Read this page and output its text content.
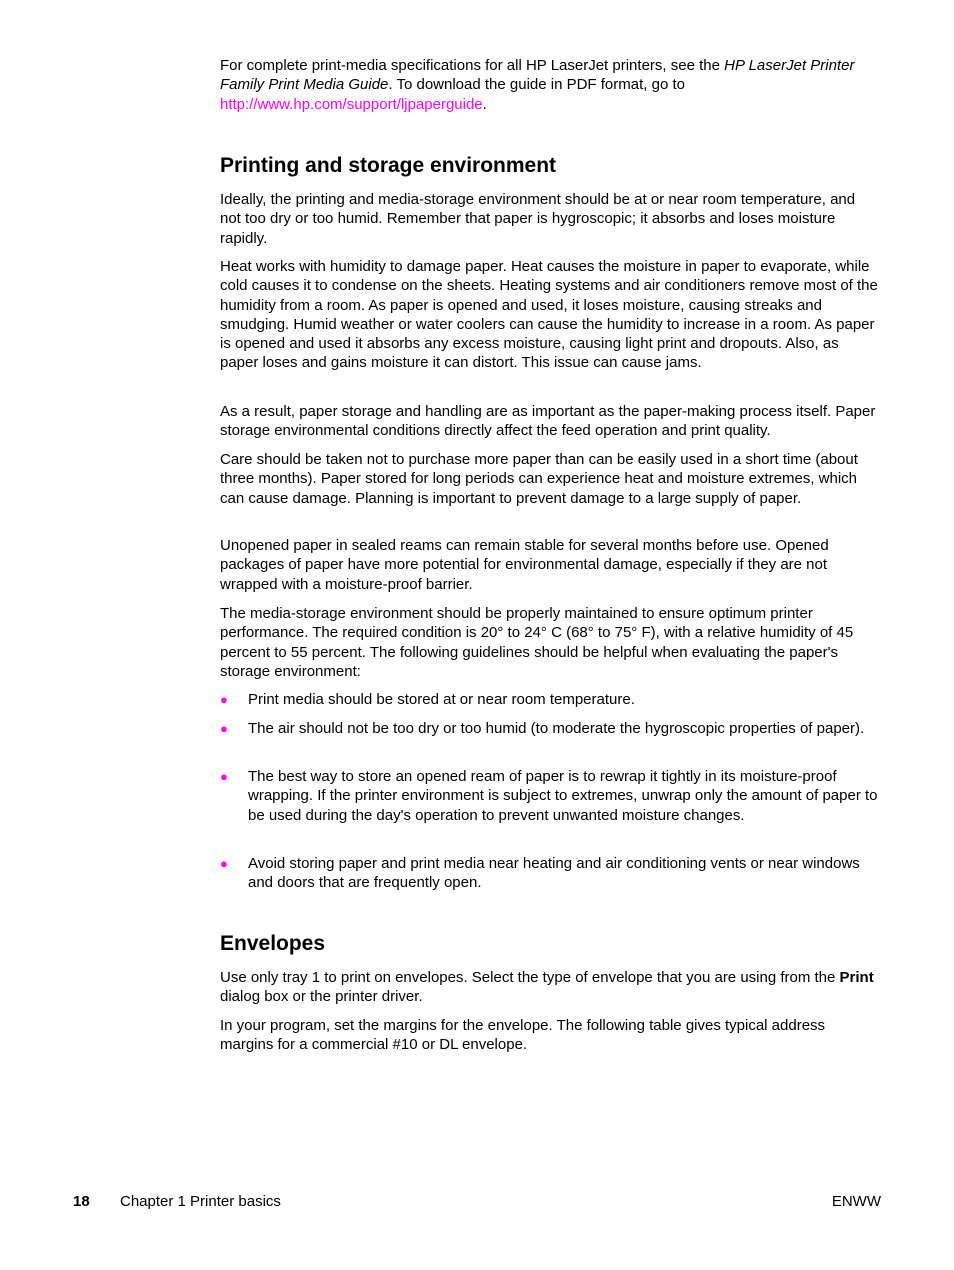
For complete print-media specifications for all HP LaserJet printers, see the HP LaserJet Printer Family Print Media Guide. To download the guide in PDF format, go to
http://www.hp.com/support/ljpaperguide.

Printing and storage environment

Ideally, the printing and media-storage environment should be at or near room temperature, and not too dry or too humid. Remember that paper is hygroscopic; it absorbs and loses moisture rapidly.

Heat works with humidity to damage paper. Heat causes the moisture in paper to evaporate, while cold causes it to condense on the sheets. Heating systems and air conditioners remove most of the humidity from a room. As paper is opened and used, it loses moisture, causing streaks and smudging. Humid weather or water coolers can cause the humidity to increase in a room. As paper is opened and used it absorbs any excess moisture, causing light print and dropouts. Also, as paper loses and gains moisture it can distort. This issue can cause jams.

As a result, paper storage and handling are as important as the paper-making process itself. Paper storage environmental conditions directly affect the feed operation and print quality.

Care should be taken not to purchase more paper than can be easily used in a short time (about three months). Paper stored for long periods can experience heat and moisture extremes, which can cause damage. Planning is important to prevent damage to a large supply of paper.

Unopened paper in sealed reams can remain stable for several months before use. Opened packages of paper have more potential for environmental damage, especially if they are not wrapped with a moisture-proof barrier.

The media-storage environment should be properly maintained to ensure optimum printer performance. The required condition is 20° to 24° C (68° to 75° F), with a relative humidity of 45 percent to 55 percent. The following guidelines should be helpful when evaluating the paper's storage environment:

● Print media should be stored at or near room temperature.
● The air should not be too dry or too humid (to moderate the hygroscopic properties of paper).
● The best way to store an opened ream of paper is to rewrap it tightly in its moisture-proof wrapping. If the printer environment is subject to extremes, unwrap only the amount of paper to be used during the day's operation to prevent unwanted moisture changes.
● Avoid storing paper and print media near heating and air conditioning vents or near windows and doors that are frequently open.
Envelopes

Use only tray 1 to print on envelopes. Select the type of envelope that you are using from the Print dialog box or the printer driver.

In your program, set the margins for the envelope. The following table gives typical address margins for a commercial #10 or DL envelope.

18 Chapter 1 Printer basics	ENWW
